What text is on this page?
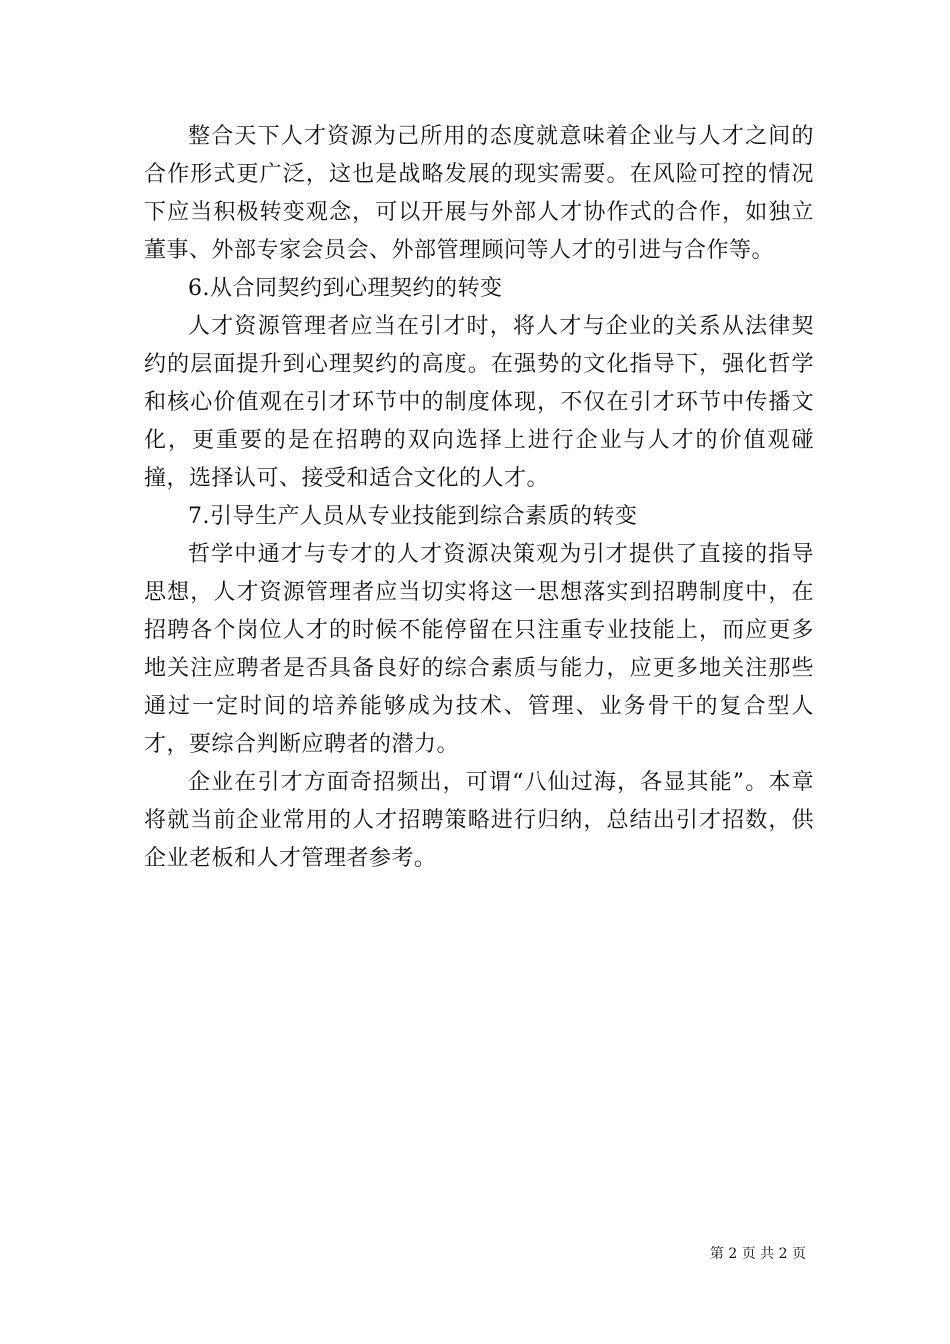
整合天下人才资源为己所用的态度就意味着企业与人才之间的合作形式更广泛，这也是战略发展的现实需要。在风险可控的情况下应当积极转变观念，可以开展与外部人才协作式的合作，如独立董事、外部专家会员会、外部管理顾问等人才的引进与合作等。

6.从合同契约到心理契约的转变

人才资源管理者应当在引才时，将人才与企业的关系从法律契约的层面提升到心理契约的高度。在强势的文化指导下，强化哲学和核心价值观在引才环节中的制度体现，不仅在引才环节中传播文化，更重要的是在招聘的双向选择上进行企业与人才的价值观碰撞，选择认可、接受和适合文化的人才。

7.引导生产人员从专业技能到综合素质的转变

哲学中通才与专才的人才资源决策观为引才提供了直接的指导思想，人才资源管理者应当切实将这一思想落实到招聘制度中，在招聘各个岗位人才的时候不能停留在只注重专业技能上，而应更多地关注应聘者是否具备良好的综合素质与能力，应更多地关注那些通过一定时间的培养能够成为技术、管理、业务骨干的复合型人才，要综合判断应聘者的潜力。

企业在引才方面奇招频出，可谓“八仙过海，各显其能”。本章将就当前企业常用的人才招聘策略进行归纳，总结出引才招数，供企业老板和人才管理者参考。

第 2 页 共 2 页
